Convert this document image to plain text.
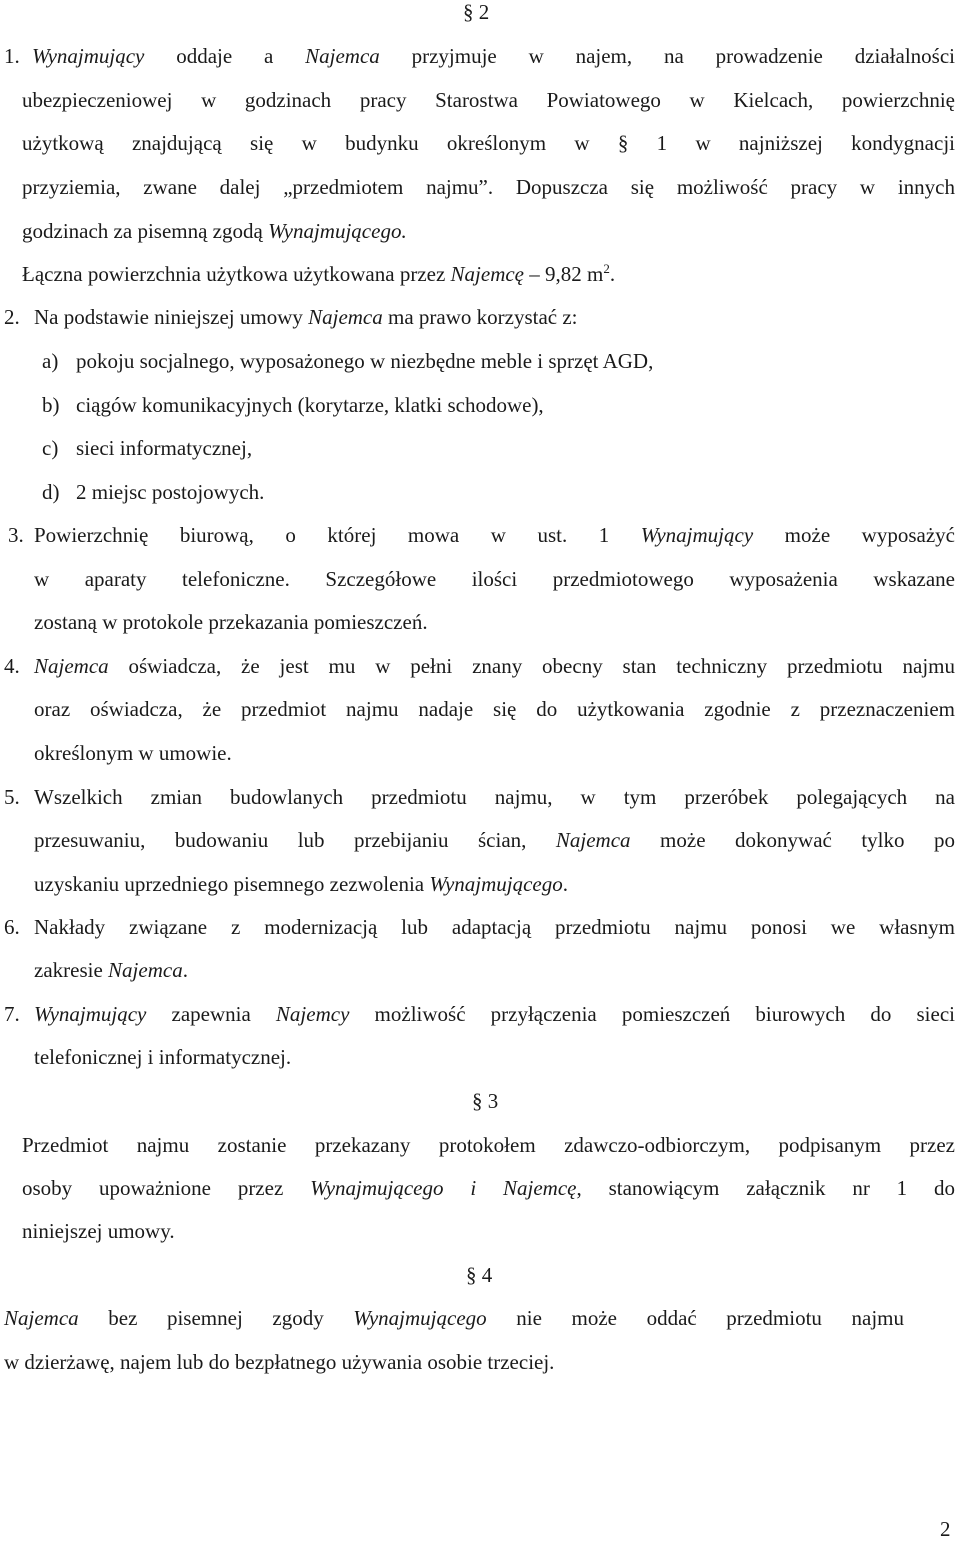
§ 2
1. Wynajmujący oddaje a Najemca przyjmuje w najem, na prowadzenie działalności
ubezpieczeniowej w godzinach pracy Starostwa Powiatowego w Kielcach, powierzchnię
użytkową znajdującą się w budynku określonym w § 1 w najniższej kondygnacji
przyziemia, zwane dalej „przedmiotem najmu”. Dopuszcza się możliwość pracy w innych
godzinach za pisemną zgodą Wynajmującego.
Łączna powierzchnia użytkowa użytkowana przez Najemcę – 9,82 $m^2$.
2. Na podstawie niniejszej umowy Najemca ma prawo korzystać z:
a) pokoju socjalnego, wyposażonego w niezbędne meble i sprzęt AGD,
b) ciągów komunikacyjnych (korytarze, klatki schodowe),
c) sieci informatycznej,
d) 2 miejsc postojowych.
3. Powierzchnię biurową, o której mowa w ust. 1 Wynajmujący może wyposażyć
w aparaty telefoniczne. Szczegółowe ilości przedmiotowego wyposażenia wskazane
zostaną w protokole przekazania pomieszczeń.
4. Najemca oświadcza, że jest mu w pełni znany obecny stan techniczny przedmiotu najmu
oraz oświadcza, że przedmiot najmu nadaje się do użytkowania zgodnie z przeznaczeniem
określonym w umowie.
5. Wszelkich zmian budowlanych przedmiotu najmu, w tym przeróbek polegających na
przesuwaniu, budowaniu lub przebijaniu ścian, Najemca może dokonywać tylko po
uzyskaniu uprzedniego pisemnego zezwolenia Wynajmującego.
6. Nakłady związane z modernizacją lub adaptacją przedmiotu najmu ponosi we własnym
zakresie Najemca.
7. Wynajmujący zapewnia Najemcy możliwość przyłączenia pomieszczeń biurowych do sieci
telefonicznej i informatycznej.
§ 3
Przedmiot najmu zostanie przekazany protokołem zdawczo-odbiorczym, podpisanym przez
osoby upoważnione przez Wynajmującego i Najemcę, stanowiącym załącznik nr 1 do
niniejszej umowy.
§ 4
Najemca bez pisemnej zgody Wynajmującego nie może oddać przedmiotu najmu
w dzierżawę, najem lub do bezpłatnego używania osobie trzeciej.
2
